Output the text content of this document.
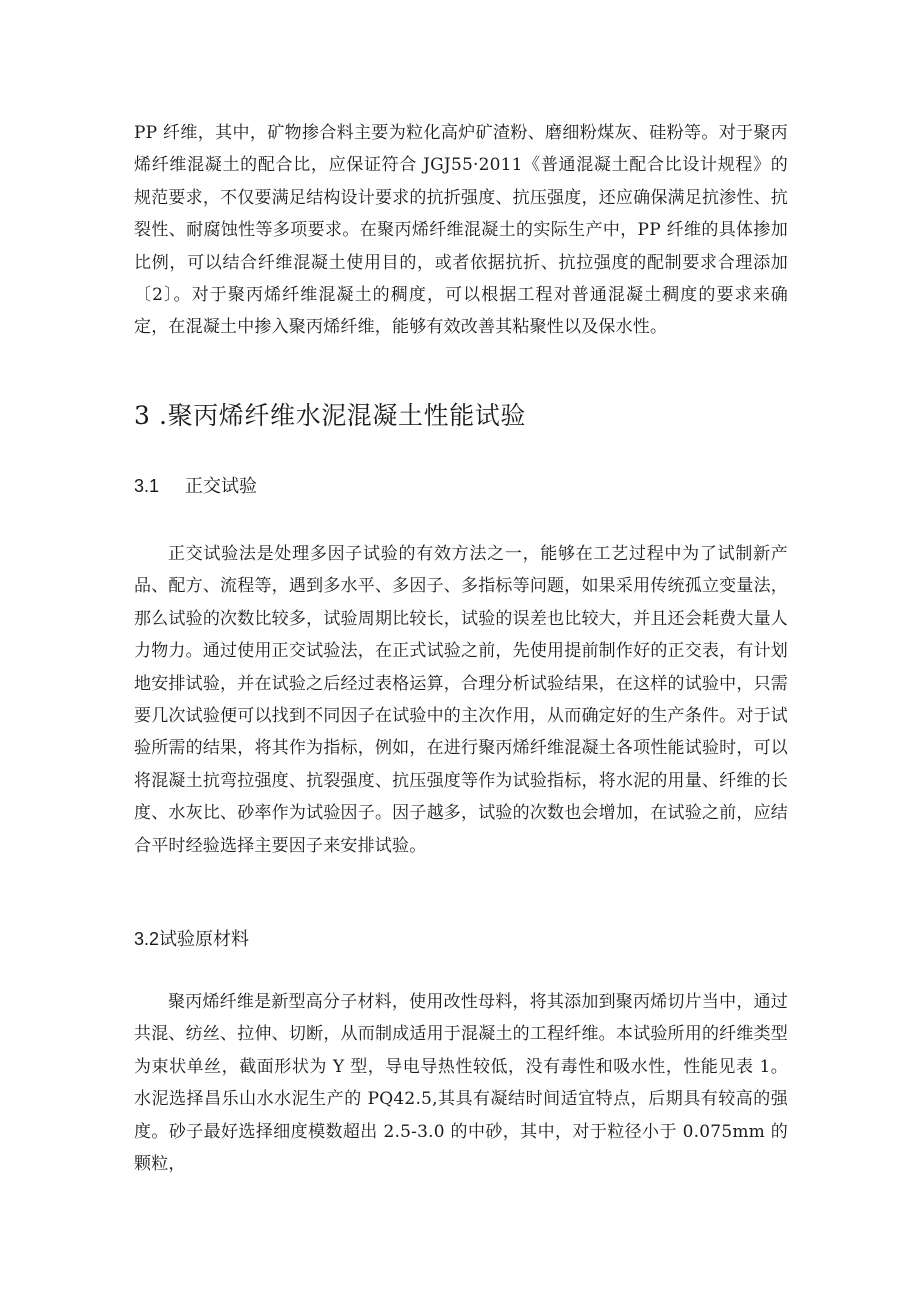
PP 纤维，其中，矿物掺合料主要为粒化高炉矿渣粉、磨细粉煤灰、硅粉等。对于聚丙烯纤维混凝土的配合比，应保证符合 JGJ55·2011《普通混凝土配合比设计规程》的规范要求，不仅要满足结构设计要求的抗折强度、抗压强度，还应确保满足抗渗性、抗裂性、耐腐蚀性等多项要求。在聚丙烯纤维混凝土的实际生产中，PP 纤维的具体掺加比例，可以结合纤维混凝土使用目的，或者依据抗折、抗拉强度的配制要求合理添加〔2〕。对于聚丙烯纤维混凝土的稠度，可以根据工程对普通混凝土稠度的要求来确定，在混凝土中掺入聚丙烯纤维，能够有效改善其粘聚性以及保水性。

3 .聚丙烯纤维水泥混凝土性能试验
3.1 正交试验

正交试验法是处理多因子试验的有效方法之一，能够在工艺过程中为了试制新产品、配方、流程等，遇到多水平、多因子、多指标等问题，如果采用传统孤立变量法，那么试验的次数比较多，试验周期比较长，试验的误差也比较大，并且还会耗费大量人力物力。通过使用正交试验法，在正式试验之前，先使用提前制作好的正交表，有计划地安排试验，并在试验之后经过表格运算，合理分析试验结果，在这样的试验中，只需要几次试验便可以找到不同因子在试验中的主次作用，从而确定好的生产条件。对于试验所需的结果，将其作为指标，例如，在进行聚丙烯纤维混凝土各项性能试验时，可以将混凝土抗弯拉强度、抗裂强度、抗压强度等作为试验指标，将水泥的用量、纤维的长度、水灰比、砂率作为试验因子。因子越多，试验的次数也会增加，在试验之前，应结合平时经验选择主要因子来安排试验。

3.2试验原材料

聚丙烯纤维是新型高分子材料，使用改性母料，将其添加到聚丙烯切片当中，通过共混、纺丝、拉伸、切断，从而制成适用于混凝土的工程纤维。本试验所用的纤维类型为束状单丝，截面形状为 Y 型，导电导热性较低，没有毒性和吸水性，性能见表 1。水泥选择昌乐山水水泥生产的 PQ42.5,其具有凝结时间适宜特点，后期具有较高的强度。砂子最好选择细度模数超出 2.5-3.0 的中砂，其中，对于粒径小于 0.075mm 的颗粒，
